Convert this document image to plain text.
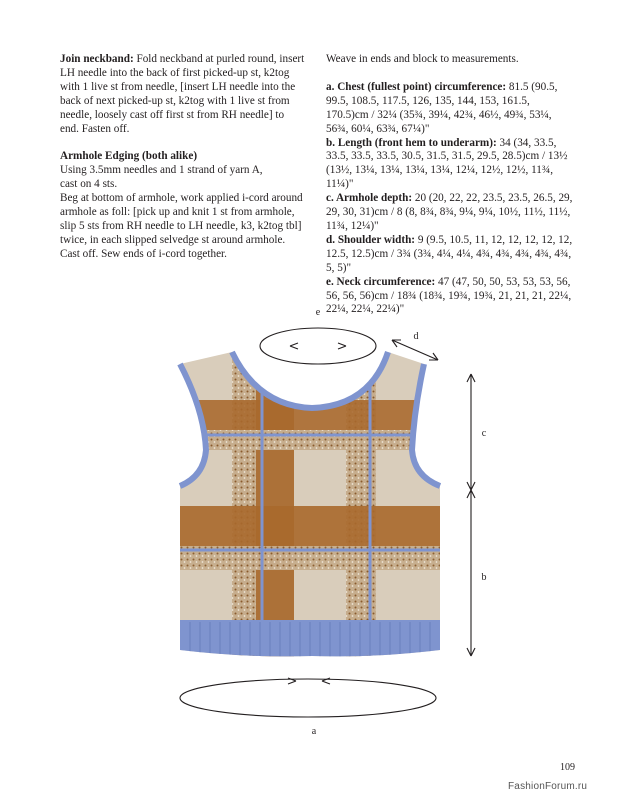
Join neckband: Fold neckband at purled round, insert LH needle into the back of first picked-up st, k2tog with 1 live st from needle, [insert LH needle into the back of next picked-up st, k2tog with 1 live st from needle, loosely cast off first st from RH needle] to end. Fasten off.

Armhole Edging (both alike)

Using 3.5mm needles and 1 strand of yarn A,
cast on 4 sts.
Beg at bottom of armhole, work applied i-cord around armhole as foll: [pick up and knit 1 st from armhole, slip 5 sts from RH needle to LH needle, k3, k2tog tbl] twice, in each slipped selvedge st around armhole.
Cast off. Sew ends of i-cord together.

Weave in ends and block to measurements.

a. Chest (fullest point) circumference: 81.5 (90.5, 99.5, 108.5, 117.5, 126, 135, 144, 153, 161.5, 170.5)cm / 32¼ (35¾, 39¼, 42¾, 46½, 49¾, 53¼, 56¾, 60¼, 63¾, 67¼)"

b. Length (front hem to underarm): 34 (34, 33.5, 33.5, 33.5, 33.5, 30.5, 31.5, 31.5, 29.5, 28.5)cm / 13½ (13½, 13¼, 13¼, 13¼, 13¼, 12¼, 12½, 12½, 11¾, 11¼)"

c. Armhole depth: 20 (20, 22, 22, 23.5, 23.5, 26.5, 29, 29, 30, 31)cm / 8 (8, 8¾, 8¾, 9¼, 9¼, 10½, 11½, 11½, 11¾, 12¼)"

d. Shoulder width: 9 (9.5, 10.5, 11, 12, 12, 12, 12, 12, 12.5, 12.5)cm / 3¾ (3¾, 4¼, 4¼, 4¾, 4¾, 4¾, 4¾, 4¾, 5, 5)"

e. Neck circumference: 47 (47, 50, 50, 53, 53, 53, 56, 56, 56, 56)cm / 18¾ (18¾, 19¾, 19¾, 21, 21, 21, 22¼, 22¼, 22¼, 22¼)"

e
d
c
b
a
109
FashionForum.ru
